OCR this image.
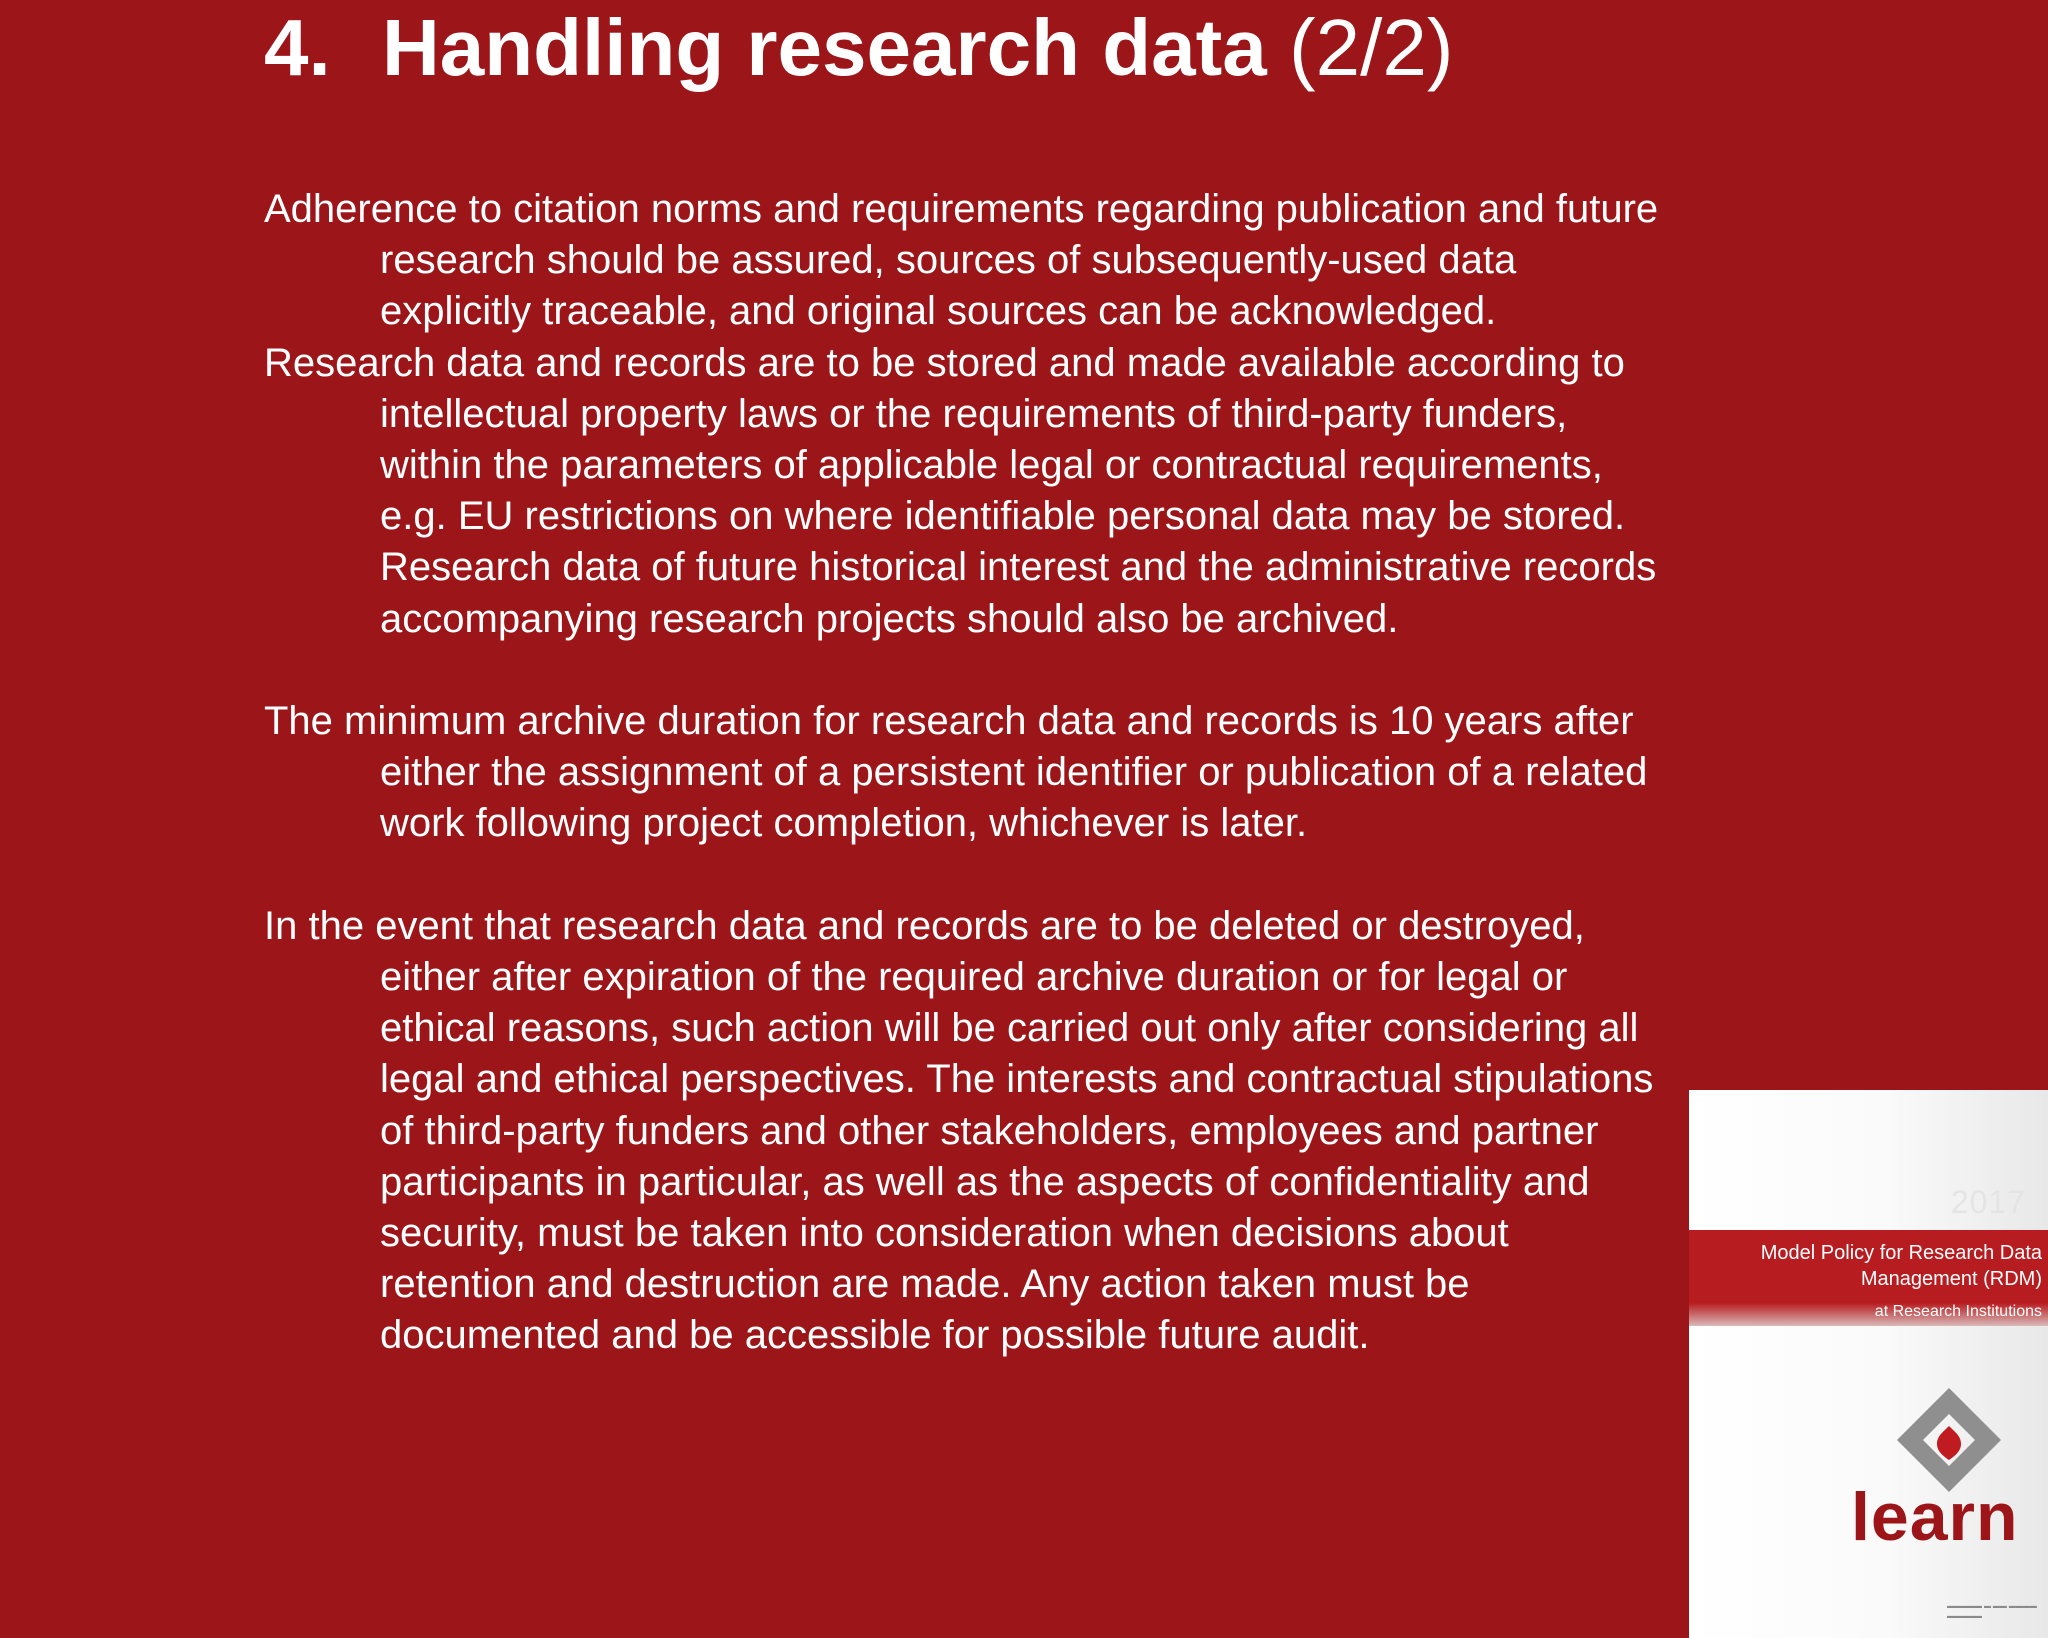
4. Handling research data (2/2)

Adherence to citation norms and requirements regarding publication and future research should be assured, sources of subsequently-used data explicitly traceable, and original sources can be acknowledged.

Research data and records are to be stored and made available according to intellectual property laws or the requirements of third-party funders, within the parameters of applicable legal or contractual requirements, e.g. EU restrictions on where identifiable personal data may be stored. Research data of future historical interest and the administrative records accompanying research projects should also be archived.

The minimum archive duration for research data and records is 10 years after either the assignment of a persistent identifier or publication of a related work following project completion, whichever is later.

In the event that research data and records are to be deleted or destroyed, either after expiration of the required archive duration or for legal or ethical reasons, such action will be carried out only after considering all legal and ethical perspectives. The interests and contractual stipulations of third-party funders and other stakeholders, employees and partner participants in particular, as well as the aspects of confidentiality and security, must be taken into consideration when decisions about retention and destruction are made. Any action taken must be documented and be accessible for possible future audit.

2017
Model Policy for Research Data
Management (RDM)
at Research Institutions
learn
▬▬▬▬▬ ▬ ▬▬ ▬▬▬▬
▬▬▬▬▬
